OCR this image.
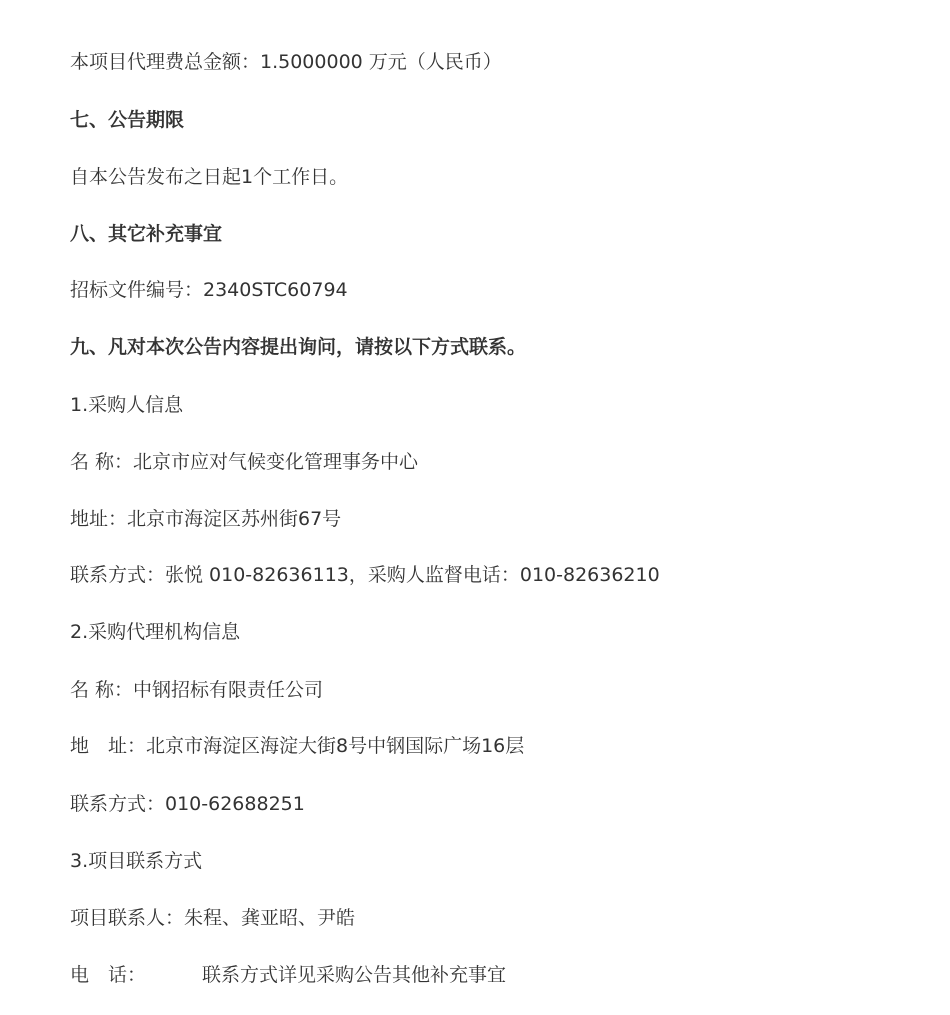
本项目代理费总金额：1.5000000 万元（人民币）
七、公告期限
自本公告发布之日起1个工作日。
八、其它补充事宜
招标文件编号：2340STC60794
九、凡对本次公告内容提出询问，请按以下方式联系。
1.采购人信息
名 称：北京市应对气候变化管理事务中心
地址：北京市海淀区苏州街67号
联系方式：张悦 010-82636113，采购人监督电话：010-82636210
2.采购代理机构信息
名 称：中钢招标有限责任公司
地　址：北京市海淀区海淀大街8号中钢国际广场16层
联系方式：010-62688251
3.项目联系方式
项目联系人：朱程、龚亚昭、尹皓
电　话：	联系方式详见采购公告其他补充事宜
